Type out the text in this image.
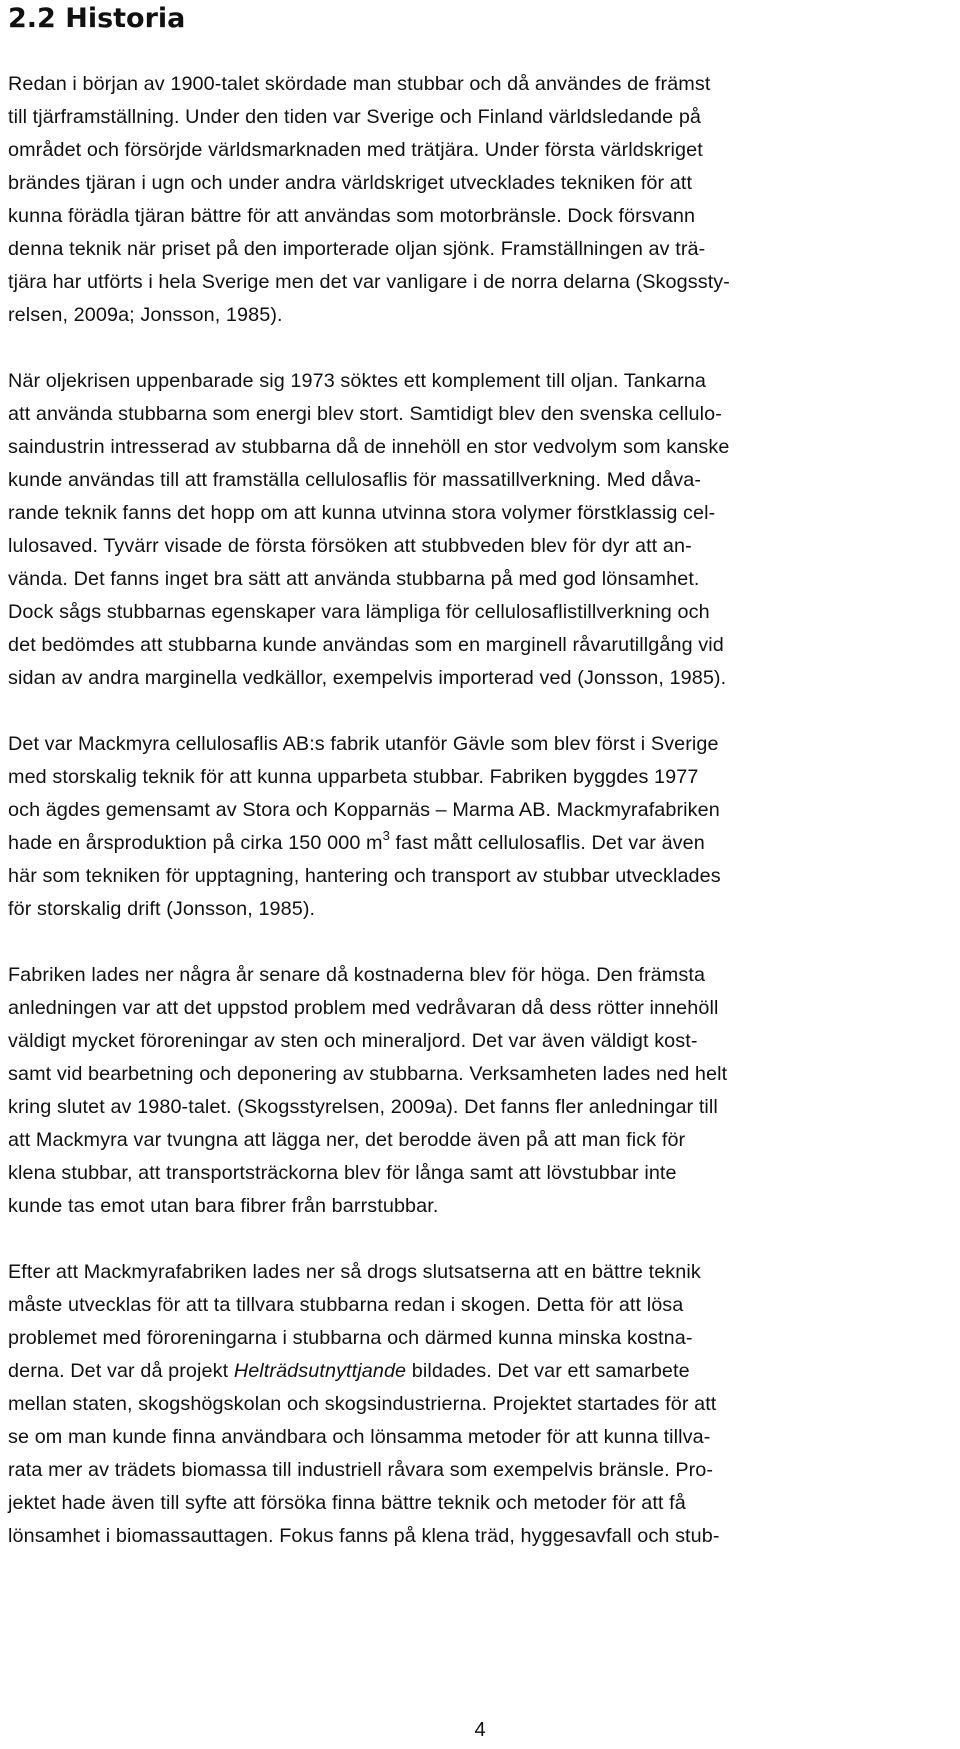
2.2 Historia

Redan i början av 1900-talet skördade man stubbar och då användes de främst
till tjärframställning. Under den tiden var Sverige och Finland världsledande på
området och försörjde världsmarknaden med trätjära. Under första världskriget
brändes tjäran i ugn och under andra världskriget utvecklades tekniken för att
kunna förädla tjäran bättre för att användas som motorbränsle. Dock försvann
denna teknik när priset på den importerade oljan sjönk. Framställningen av trä-
tjära har utförts i hela Sverige men det var vanligare i de norra delarna (Skogssty-
relsen, 2009a; Jonsson, 1985).

När oljekrisen uppenbarade sig 1973 söktes ett komplement till oljan. Tankarna
att använda stubbarna som energi blev stort. Samtidigt blev den svenska cellulo-
saindustrin intresserad av stubbarna då de innehöll en stor vedvolym som kanske
kunde användas till att framställa cellulosaflis för massatillverkning. Med dåva-
rande teknik fanns det hopp om att kunna utvinna stora volymer förstklassig cel-
lulosaved. Tyvärr visade de första försöken att stubbveden blev för dyr att an-
vända. Det fanns inget bra sätt att använda stubbarna på med god lönsamhet.
Dock sågs stubbarnas egenskaper vara lämpliga för cellulosaflistillverkning och
det bedömdes att stubbarna kunde användas som en marginell råvarutillgång vid
sidan av andra marginella vedkällor, exempelvis importerad ved (Jonsson, 1985).

Det var Mackmyra cellulosaflis AB:s fabrik utanför Gävle som blev först i Sverige
med storskalig teknik för att kunna upparbeta stubbar. Fabriken byggdes 1977
och ägdes gemensamt av Stora och Kopparnäs – Marma AB. Mackmyrafabriken
hade en årsproduktion på cirka 150 000 $m^3$ fast mått cellulosaflis. Det var även
här som tekniken för upptagning, hantering och transport av stubbar utvecklades
för storskalig drift (Jonsson, 1985).

Fabriken lades ner några år senare då kostnaderna blev för höga. Den främsta
anledningen var att det uppstod problem med vedråvaran då dess rötter innehöll
väldigt mycket föroreningar av sten och mineraljord. Det var även väldigt kost-
samt vid bearbetning och deponering av stubbarna. Verksamheten lades ned helt
kring slutet av 1980-talet. (Skogsstyrelsen, 2009a). Det fanns fler anledningar till
att Mackmyra var tvungna att lägga ner, det berodde även på att man fick för
klena stubbar, att transportsträckorna blev för långa samt att lövstubbar inte
kunde tas emot utan bara fibrer från barrstubbar.

Efter att Mackmyrafabriken lades ner så drogs slutsatserna att en bättre teknik
måste utvecklas för att ta tillvara stubbarna redan i skogen. Detta för att lösa
problemet med föroreningarna i stubbarna och därmed kunna minska kostna-
derna. Det var då projekt Helträdsutnyttjande bildades. Det var ett samarbete
mellan staten, skogshögskolan och skogsindustrierna. Projektet startades för att
se om man kunde finna användbara och lönsamma metoder för att kunna tillva-
rata mer av trädets biomassa till industriell råvara som exempelvis bränsle. Pro-
jektet hade även till syfte att försöka finna bättre teknik och metoder för att få
lönsamhet i biomassauttagen. Fokus fanns på klena träd, hyggesavfall och stub-

4
